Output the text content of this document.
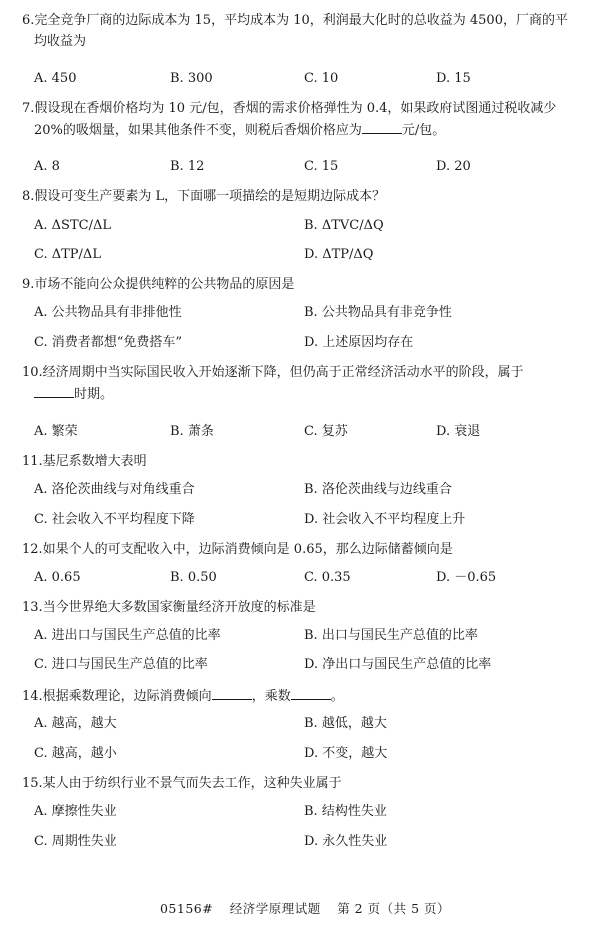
6.完全竞争厂商的边际成本为 15，平均成本为 10，利润最大化时的总收益为 4500，厂商的平
均收益为
A. 450	B. 300	C. 10	D. 15
7.假设现在香烟价格均为 10 元/包，香烟的需求价格弹性为 0.4，如果政府试图通过税收减少
20%的吸烟量，如果其他条件不变，则税后香烟价格应为	元/包。
A. 8	B. 12	C. 15	D. 20
8.假设可变生产要素为 L，下面哪一项描绘的是短期边际成本？
A. ΔSTC/ΔL	B. ΔTVC/ΔQ
C. ΔTP/ΔL	D. ΔTP/ΔQ
9.市场不能向公众提供纯粹的公共物品的原因是
A. 公共物品具有非排他性	B. 公共物品具有非竞争性
C. 消费者都想“免费搭车”	D. 上述原因均存在
10.经济周期中当实际国民收入开始逐渐下降，但仍高于正常经济活动水平的阶段，属于
时期。
A. 繁荣	B. 萧条	C. 复苏	D. 衰退
11.基尼系数增大表明
A. 洛伦茨曲线与对角线重合	B. 洛伦茨曲线与边线重合
C. 社会收入不平均程度下降	D. 社会收入不平均程度上升
12.如果个人的可支配收入中，边际消费倾向是 0.65，那么边际储蓄倾向是
A. 0.65	B. 0.50	C. 0.35	D. －0.65
13.当今世界绝大多数国家衡量经济开放度的标准是
A. 进出口与国民生产总值的比率	B. 出口与国民生产总值的比率
C. 进口与国民生产总值的比率	D. 净出口与国民生产总值的比率
14.根据乘数理论，边际消费倾向	，乘数	。
A. 越高，越大	B. 越低，越大
C. 越高，越小	D. 不变，越大
15.某人由于纺织行业不景气而失去工作，这种失业属于
A. 摩擦性失业	B. 结构性失业
C. 周期性失业	D. 永久性失业
05156# 经济学原理试题 第 2 页（共 5 页）
